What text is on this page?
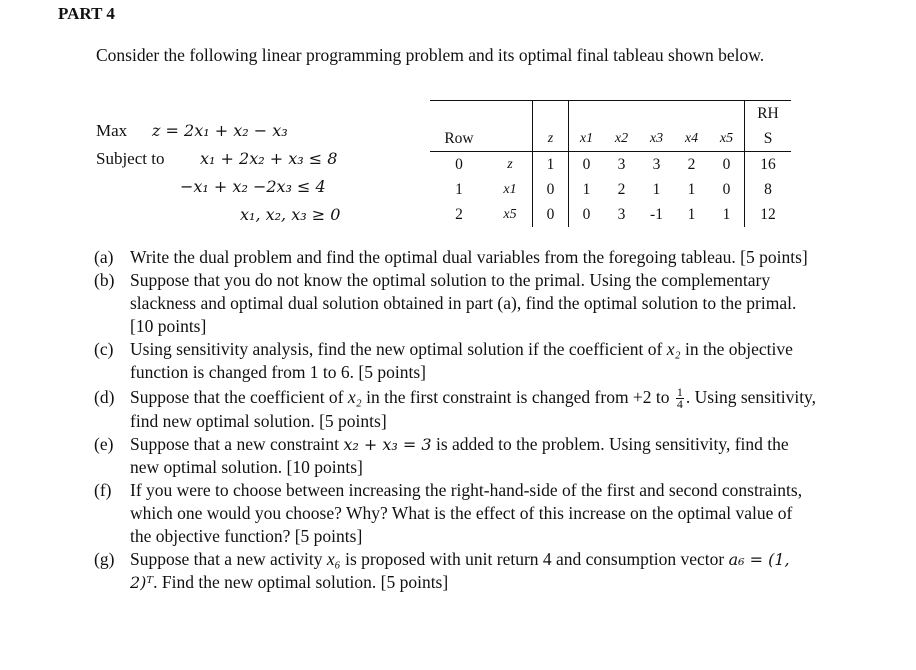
PART 4
Consider the following linear programming problem and its optimal final tableau shown below.
Max z = 2x₁ + x₂ − x₃
Subject to x₁ + 2x₂ + x₃ ≤ 8
−x₁ + x₂ −2x₃ ≤ 4
x₁, x₂, x₃ ≥ 0
								RH
Row		z	x1	x2	x3	x4	x5	S
0	z	1	0	3	3	2	0	16
1	x1	0	1	2	1	1	0	8
2	x5	0	0	3	-1	1	1	12
(a) Write the dual problem and find the optimal dual variables from the foregoing tableau. [5 points]
(b) Suppose that you do not know the optimal solution to the primal. Using the complementary slackness and optimal dual solution obtained in part (a), find the optimal solution to the primal. [10 points]
(c) Using sensitivity analysis, find the new optimal solution if the coefficient of x₂ in the objective function is changed from 1 to 6. [5 points]
(d) Suppose that the coefficient of x₂ in the first constraint is changed from +2 to $\frac{1}{4}$ . Using sensitivity, find new optimal solution. [5 points]
(e) Suppose that a new constraint x₂ + x₃ = 3 is added to the problem. Using sensitivity, find the new optimal solution. [10 points]
(f) If you were to choose between increasing the right-hand-side of the first and second constraints, which one would you choose? Why? What is the effect of this increase on the optimal value of the objective function? [5 points]
(g) Suppose that a new activity x₆ is proposed with unit return 4 and consumption vector a₆ = (1, 2)ᵀ. Find the new optimal solution. [5 points]
